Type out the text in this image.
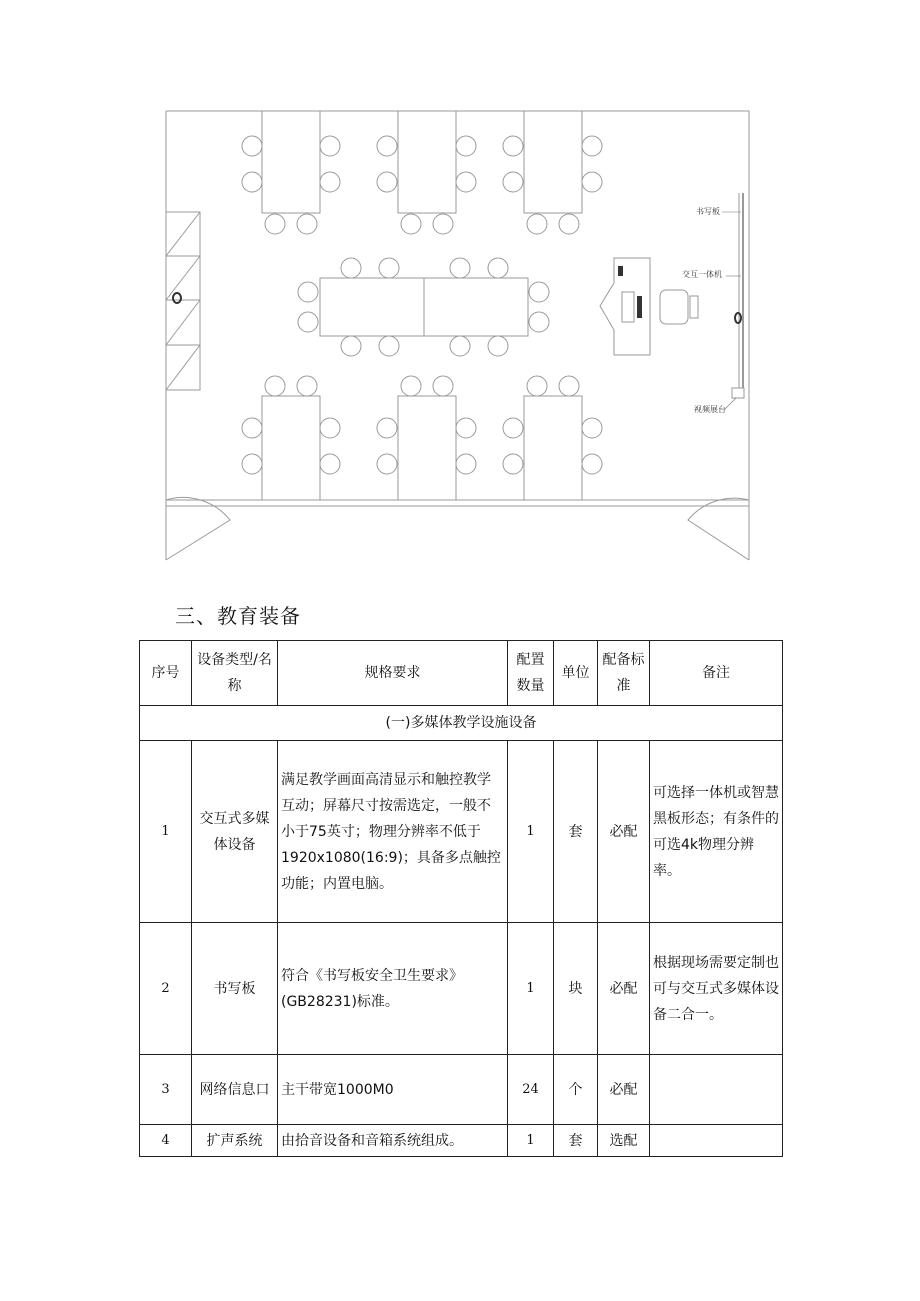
书写板
交互一体机
视频展台
三、教育装备
序号	设备类型/名称	规格要求	配置数量	单位	配备标准	备注
(一)多媒体教学设施设备						
1	交互式多媒体设备	满足教学画面高清显示和触控教学互动；屏幕尺寸按需选定，一般不小于75英寸；物理分辨率不低于1920x1080(16:9)；具备多点触控功能；内置电脑。	1	套	必配	可选择一体机或智慧黑板形态；有条件的可选4k物理分辨率。
2	书写板	符合《书写板安全卫生要求》(GB28231)标准。	1	块	必配	根据现场需要定制也可与交互式多媒体设备二合一。
3	网络信息口	主干带宽1000M0	24	个	必配	
4	扩声系统	由拾音设备和音箱系统组成。	1	套	选配	
